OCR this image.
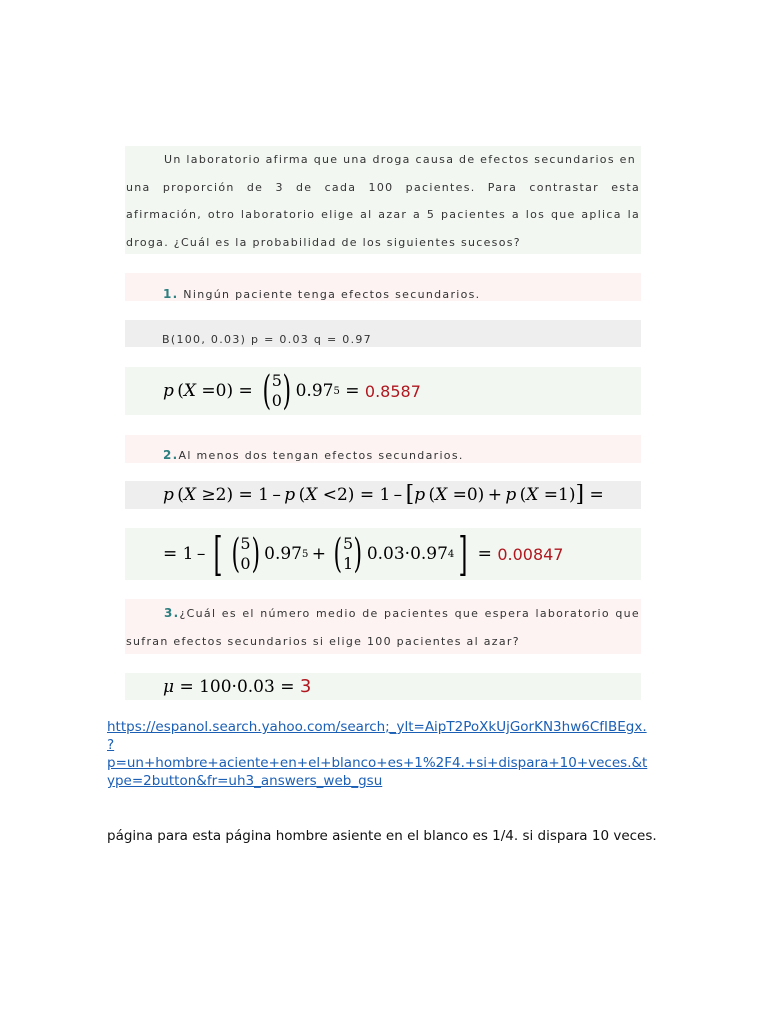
Un laboratorio afirma que una droga causa de efectos secundarios en
una proporción de 3 de cada 100 pacientes. Para contrastar esta
afirmación, otro laboratorio elige al azar a 5 pacientes a los que aplica la
droga. ¿Cuál es la probabilidad de los siguientes sucesos?
1. Ningún paciente tenga efectos secundarios.
B(100, 0.03) p = 0.03 q = 0.97
p  ( X =0) = ( 5
0 ) 0.97 5 = 0.8587
2.Al menos dos tengan efectos secundarios.
p  ( X ≥2) = 1 –  p  ( X <2) = 1 –  [ p  ( X =0) +  p  ( X =1) ] =
= 1 –  [ ( 5
0 ) 0.97 5  +  ( 5
1 ) 0.03·0.97 4 ] = 0.00847
3.¿Cuál es el número medio de pacientes que espera laboratorio que
sufran efectos secundarios si elige 100 pacientes al azar?
μ = 100·0.03 = 3
https://espanol.search.yahoo.com/search;_ylt=AipT2PoXkUjGorKN3hw6CfIBEgx.
?
p=un+hombre+aciente+en+el+blanco+es+1%2F4.+si+dispara+10+veces.&t
ype=2button&fr=uh3_answers_web_gsu
página para esta página hombre asiente en el blanco es 1/4. si dispara 10 veces.
